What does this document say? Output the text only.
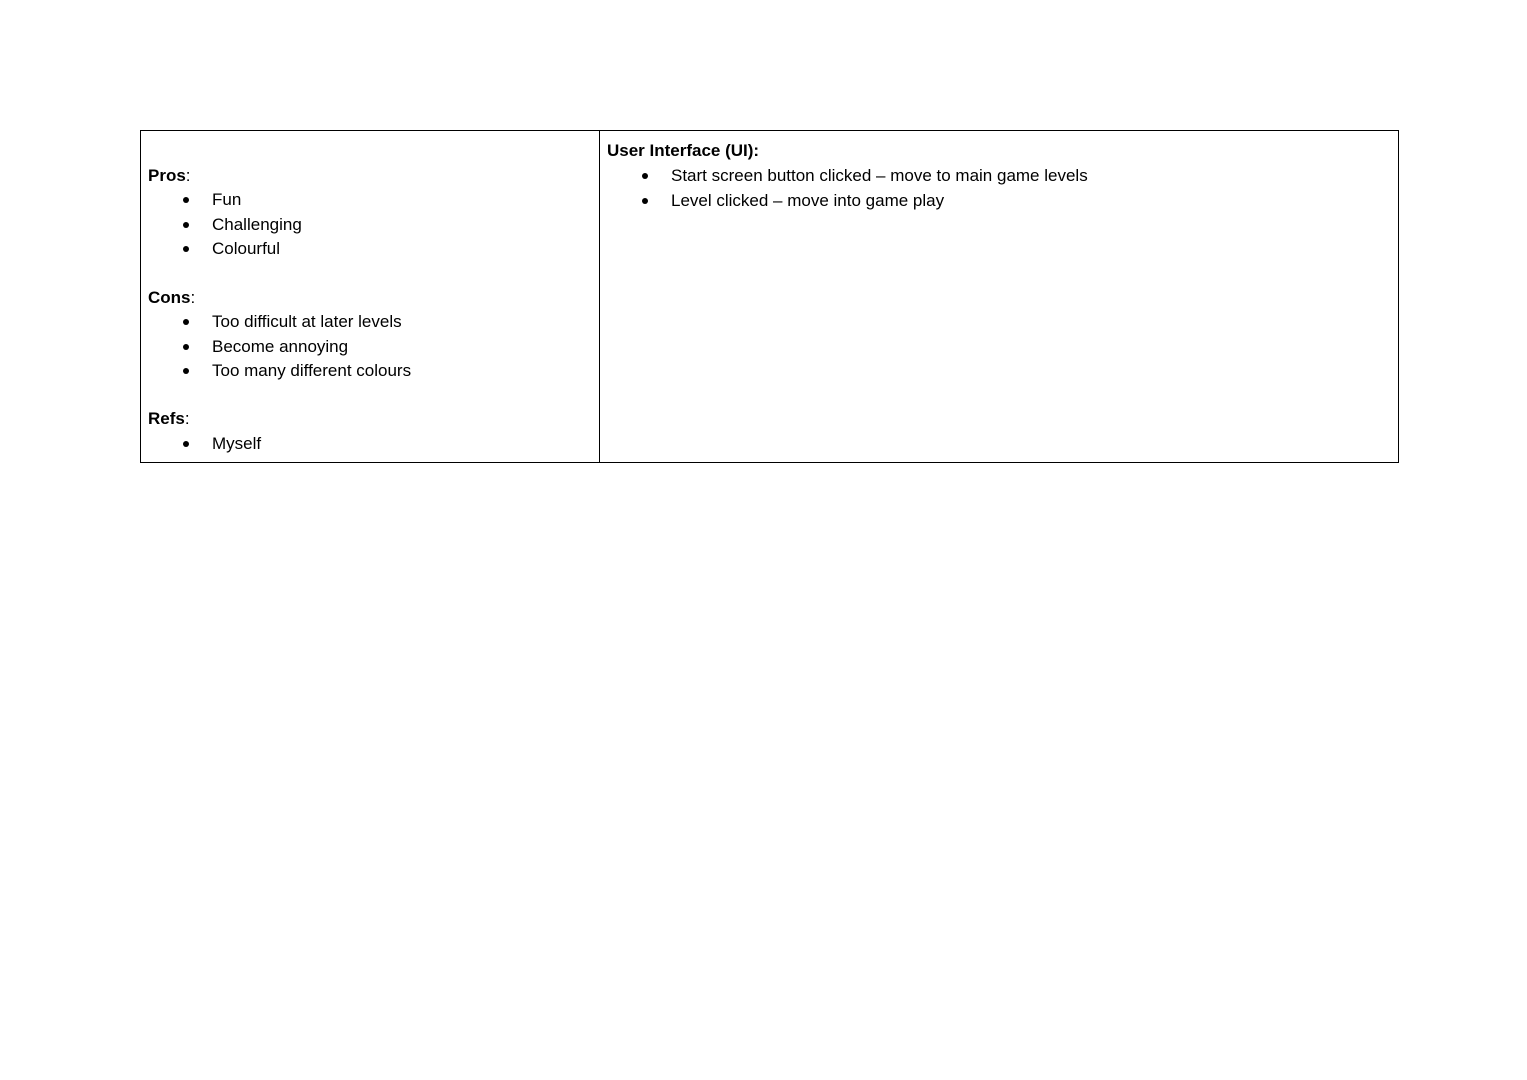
Pros:
Fun
Challenging
Colourful
Cons:
Too difficult at later levels
Become annoying
Too many different colours
Refs:
Myself
User Interface (UI):
Start screen button clicked – move to main game levels
Level clicked – move into game play
